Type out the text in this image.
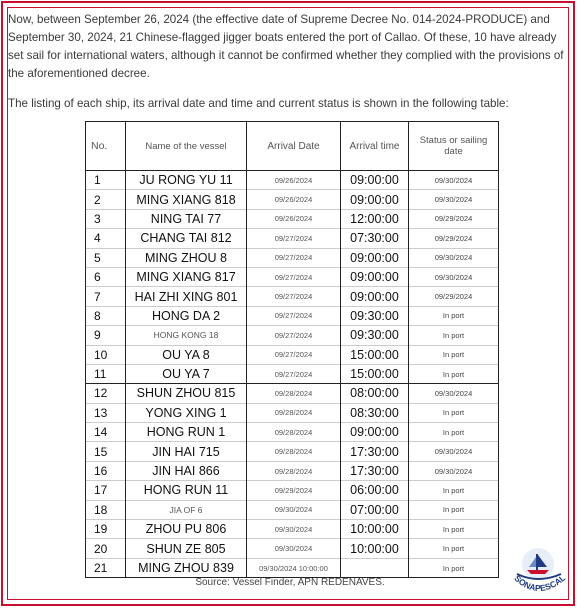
Now, between September 26, 2024 (the effective date of Supreme Decree No. 014-2024-PRODUCE) and September 30, 2024, 21 Chinese-flagged jigger boats entered the port of Callao. Of these, 10 have already set sail for international waters, although it cannot be confirmed whether they complied with the provisions of the aforementioned decree.
The listing of each ship, its arrival date and time and current status is shown in the following table:
No.	Name of the vessel	Arrival Date	Arrival time	Status or sailing date
1	JU RONG YU 11	09/26/2024	09:00:00	09/30/2024
2	MING XIANG 818	09/26/2024	09:00:00	09/30/2024
3	NING TAI 77	09/26/2024	12:00:00	09/29/2024
4	CHANG TAI 812	09/27/2024	07:30:00	09/29/2024
5	MING ZHOU 8	09/27/2024	09:00:00	09/30/2024
6	MING XIANG 817	09/27/2024	09:00:00	09/30/2024
7	HAI ZHI XING 801	09/27/2024	09:00:00	09/29/2024
8	HONG DA 2	09/27/2024	09:30:00	In port
9	HONG KONG 18	09/27/2024	09:30:00	In port
10	OU YA 8	09/27/2024	15:00:00	In port
11	OU YA 7	09/27/2024	15:00:00	In port
12	SHUN ZHOU 815	09/28/2024	08:00:00	09/30/2024
13	YONG XING 1	09/28/2024	08:30:00	In port
14	HONG RUN 1	09/28/2024	09:00:00	In port
15	JIN HAI 715	09/28/2024	17:30:00	09/30/2024
16	JIN HAI 866	09/28/2024	17:30:00	09/30/2024
17	HONG RUN 11	09/29/2024	06:00:00	In port
18	JIA OF 6	09/30/2024	07:00:00	In port
19	ZHOU PU 806	09/30/2024	10:00:00	In port
20	SHUN ZE 805	09/30/2024	10:00:00	In port
21	MING ZHOU 839	09/30/2024 10:00:00		In port
Source: Vessel Finder, APN REDENAVES.	SONAPESCAL
